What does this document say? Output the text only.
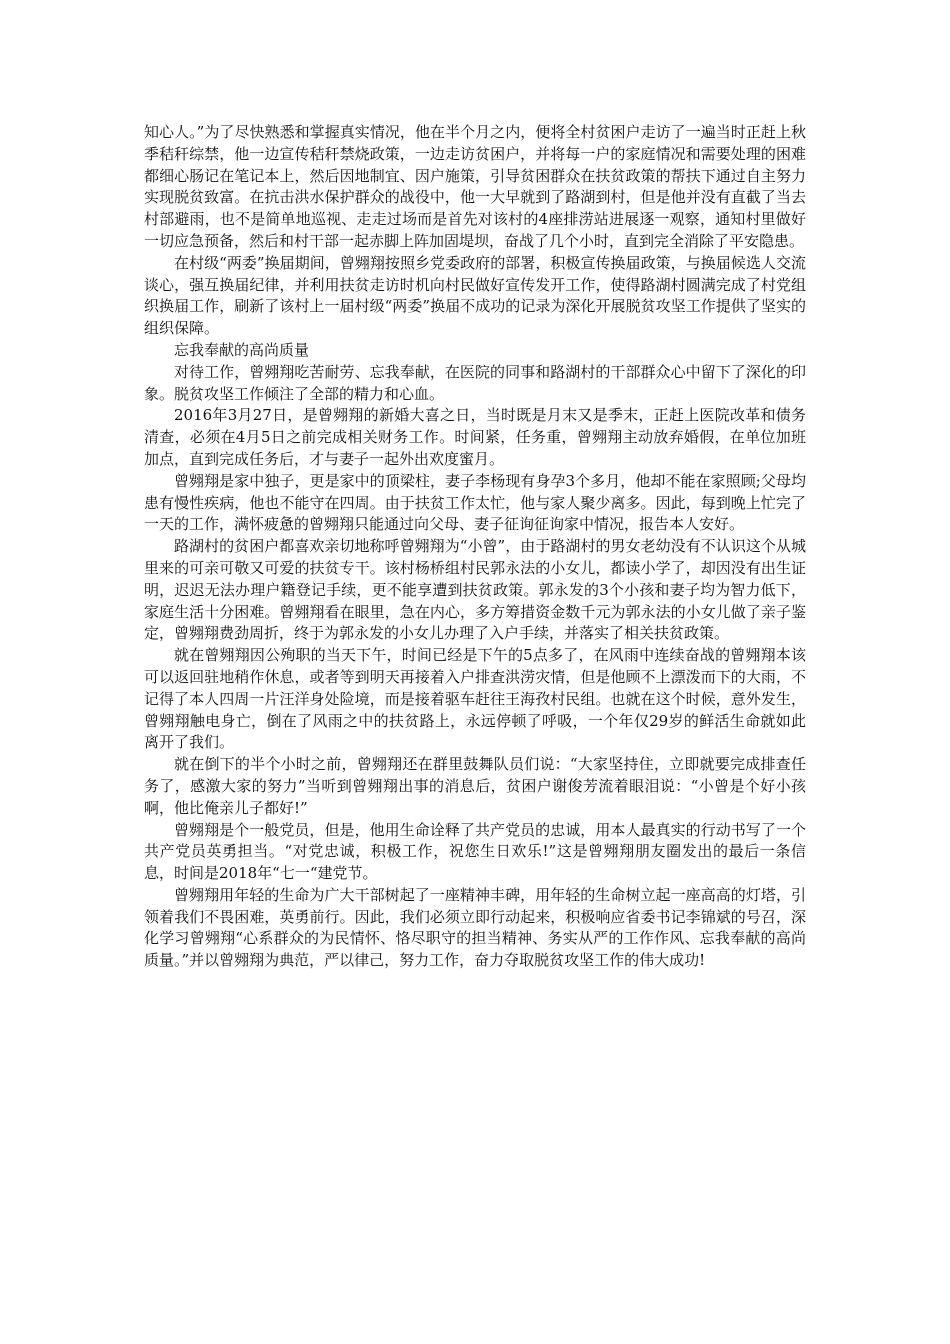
知心人。”为了尽快熟悉和掌握真实情况，他在半个月之内，便将全村贫困户走访了一遍当时正赶上秋季秸秆综禁，他一边宣传秸秆禁烧政策，一边走访贫困户，并将每一户的家庭情况和需要处理的困难都细心肠记在笔记本上，然后因地制宜、因户施策，引导贫困群众在扶贫政策的帮扶下通过自主努力实现脱贫致富。在抗击洪水保护群众的战役中，他一大早就到了路湖到村，但是他并没有直截了当去村部避雨，也不是简单地巡视、走走过场而是首先对该村的4座排涝站进展逐一观察，通知村里做好一切应急预备，然后和村干部一起赤脚上阵加固堤坝，奋战了几个小时，直到完全消除了平安隐患。

在村级“两委”换届期间，曾翙翔按照乡党委政府的部署，积极宣传换届政策，与换届候选人交流谈心，强互换届纪律，并利用扶贫走访时机向村民做好宣传发开工作，使得路湖村圆满完成了村党组织换届工作，刷新了该村上一届村级“两委”换届不成功的记录为深化开展脱贫攻坚工作提供了坚实的组织保障。

忘我奉献的高尚质量

对待工作，曾翙翔吃苦耐劳、忘我奉献，在医院的同事和路湖村的干部群众心中留下了深化的印象。脱贫攻坚工作倾注了全部的精力和心血。

2016年3月27日，是曾翙翔的新婚大喜之日，当时既是月末又是季末，正赶上医院改革和债务清查，必须在4月5日之前完成相关财务工作。时间紧，任务重，曾翙翔主动放弃婚假，在单位加班加点，直到完成任务后，才与妻子一起外出欢度蜜月。

曾翙翔是家中独子，更是家中的顶梁柱，妻子李杨现有身孕3个多月，他却不能在家照顾;父母均患有慢性疾病，他也不能守在四周。由于扶贫工作太忙，他与家人聚少离多。因此，每到晚上忙完了一天的工作，满怀疲惫的曾翙翔只能通过向父母、妻子征询征询家中情况，报告本人安好。

路湖村的贫困户都喜欢亲切地称呼曾翙翔为“小曾”，由于路湖村的男女老幼没有不认识这个从城里来的可亲可敬又可爱的扶贫专干。该村杨桥组村民郭永法的小女儿，都读小学了，却因没有出生证明，迟迟无法办理户籍登记手续，更不能享遭到扶贫政策。郭永发的3个小孩和妻子均为智力低下，家庭生活十分困难。曾翙翔看在眼里，急在内心，多方筹措资金数千元为郭永法的小女儿做了亲子鉴定，曾翙翔费劲周折，终于为郭永发的小女儿办理了入户手续，并落实了相关扶贫政策。

就在曾翙翔因公殉职的当天下午，时间已经是下午的5点多了，在风雨中连续奋战的曾翙翔本该可以返回驻地稍作休息，或者等到明天再接着入户排查洪涝灾情，但是他顾不上漂泼而下的大雨，不记得了本人四周一片汪洋身处险境，而是接着驱车赶往王海孜村民组。也就在这个时候，意外发生，曾翙翔触电身亡，倒在了风雨之中的扶贫路上，永远停顿了呼吸，一个年仅29岁的鲜活生命就如此离开了我们。

就在倒下的半个小时之前，曾翙翔还在群里鼓舞队员们说：“大家坚持住，立即就要完成排查任务了，感激大家的努力”当听到曾翙翔出事的消息后，贫困户谢俊芳流着眼泪说：“小曾是个好小孩啊，他比俺亲儿子都好!”

曾翙翔是个一般党员，但是，他用生命诠释了共产党员的忠诚，用本人最真实的行动书写了一个共产党员英勇担当。“对党忠诚，积极工作，祝您生日欢乐!”这是曾翙翔朋友圈发出的最后一条信息，时间是2018年“七一“建党节。

曾翙翔用年轻的生命为广大干部树起了一座精神丰碑，用年轻的生命树立起一座高高的灯塔，引领着我们不畏困难，英勇前行。因此，我们必须立即行动起来，积极响应省委书记李锦斌的号召，深化学习曾翙翔“心系群众的为民情怀、恪尽职守的担当精神、务实从严的工作作风、忘我奉献的高尚质量。”并以曾翙翔为典范，严以律己，努力工作，奋力夺取脱贫攻坚工作的伟大成功!
